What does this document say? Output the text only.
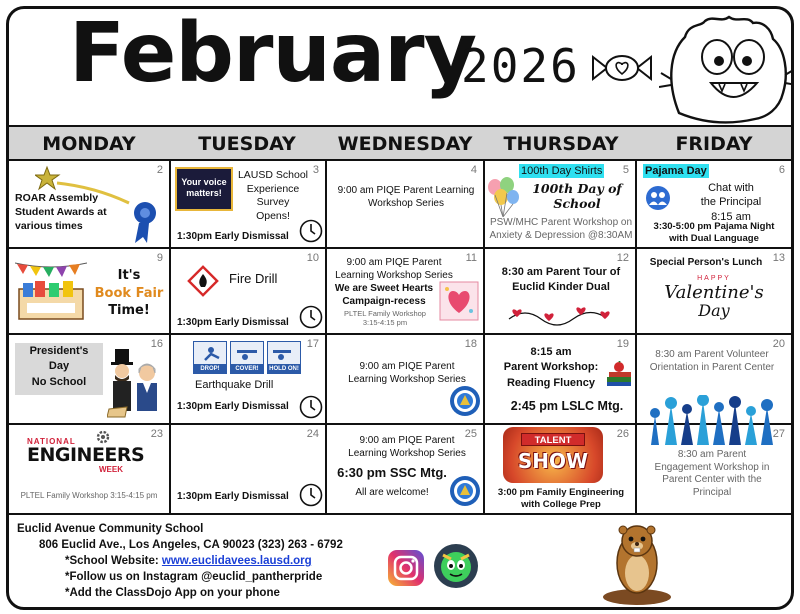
February
2026
MONDAY	TUESDAY	WEDNESDAY	THURSDAY	FRIDAY
2
ROAR Assembly
Student Awards at
various times
3
Your voice
matters!
LAUSD School
Experience
Survey
Opens!
1:30pm Early Dismissal
4
9:00 am PIQE Parent Learning
Workshop Series
5
100th Day Shirts
100th Day of
School
PSW/MHC Parent Workshop on
Anxiety & Depression @8:30AM
6
Pajama Day
Chat with
the Principal
8:15 am
3:30-5:00 pm Pajama Night
with Dual Language
9
It's
Book Fair
Time!
10
Fire Drill
1:30pm Early Dismissal
11
9:00 am PIQE Parent
Learning Workshop Series
We are Sweet Hearts
Campaign-recess
PLTEL Family Workshop
3:15-4:15 pm
12
8:30 am Parent Tour of
Euclid Kinder Dual
13
Special Person's Lunch
HAPPY
Valentine's
Day
16
President's
Day
No School
17
DROP!	COVER!	HOLD ON!
Earthquake Drill
1:30pm Early Dismissal
18
9:00 am PIQE Parent
Learning Workshop Series
19
8:15 am
Parent Workshop:
Reading Fluency
2:45 pm LSLC Mtg.
20
8:30 am Parent Volunteer
Orientation in Parent Center
23
NATIONAL
ENGINEERS
WEEK
PLTEL Family Workshop 3:15-4:15 pm
24
1:30pm Early Dismissal
25
9:00 am PIQE Parent
Learning Workshop Series
6:30 pm SSC Mtg.
All are welcome!
26
TALENT
SHOW
3:00 pm Family Engineering
with College Prep
27
8:30 am Parent
Engagement Workshop in
Parent Center with the
Principal
Euclid Avenue Community School
806 Euclid Ave., Los Angeles, CA 90023 (323) 263 - 6792
*School Website: www.euclidavees.lausd.org
*Follow us on Instagram @euclid_pantherpride
*Add the ClassDojo App on your phone
